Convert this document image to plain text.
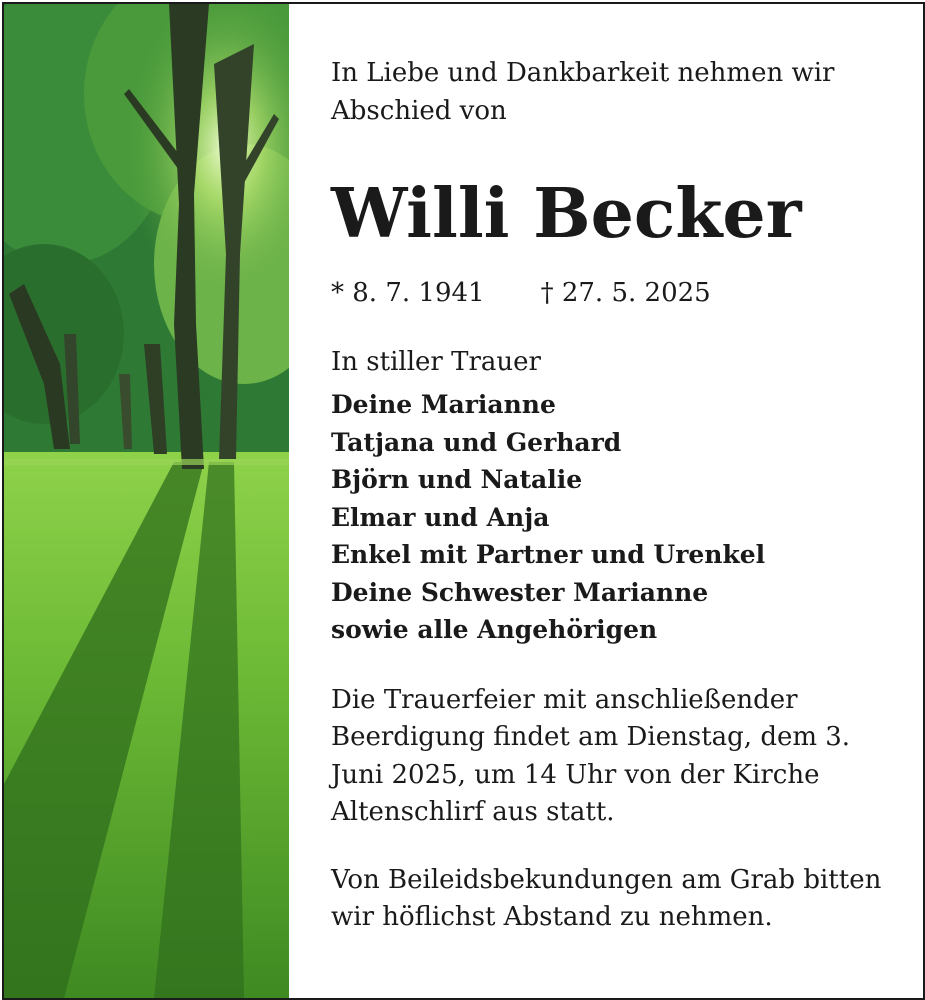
In Liebe und Dankbarkeit nehmen wir Abschied von

Willi Becker
* 8. 7. 1941 † 27. 5. 2025

In stiller Trauer

Deine Marianne
Tatjana und Gerhard
Björn und Natalie
Elmar und Anja
Enkel mit Partner und Urenkel
Deine Schwester Marianne
sowie alle Angehörigen

Die Trauerfeier mit anschließender Beerdigung findet am Dienstag, dem 3. Juni 2025, um 14 Uhr von der Kirche Altenschlirf aus statt.

Von Beileidsbekundungen am Grab bitten wir höflichst Abstand zu nehmen.
